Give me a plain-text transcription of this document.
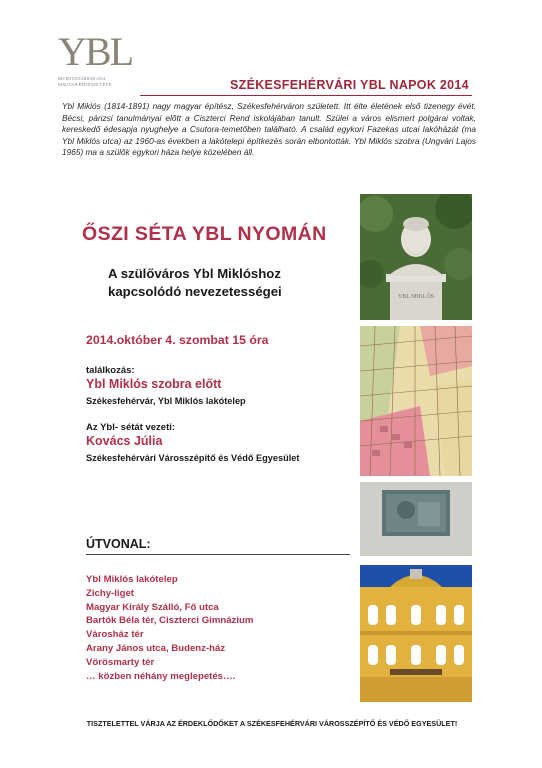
YBL
BICENTENÁRIUM 2014
MAGYAR ÉPÍTÉSZET ÉVE	SZÉKESFEHÉRVÁRI YBL NAPOK 2014
Ybl Miklós (1814-1891) nagy magyar építész, Székesfehérváron született. Itt élte életének első tizenegy évét. Bécsi, párizsi tanulmányai előtt a Ciszterci Rend iskolájában tanult. Szülei a város elismert polgárai voltak, kereskedő édesapja nyughelye a Csutora-temetőben található. A család egykori Fazekas utcai lakóházát (ma Ybl Miklós utca) az 1960-as években a lakótelepi építkezés során elbontották. Ybl Miklós szobra (Ungvári Lajos 1965) ma a szülők egykori háza helye közelében áll.
ŐSZI SÉTA YBL NYOMÁN
A szülőváros Ybl Miklóshoz
kapcsolódó nevezetességei
2014.október 4. szombat 15 óra
találkozás:
Ybl Miklós szobra előtt
Székesfehérvár, Ybl Miklós lakótelep
Az Ybl- sétát vezeti:
Kovács Júlia
Székesfehérvári Városszépítő és Védő Egyesület
ÚTVONAL:
Ybl Miklós lakótelep
Zichy-liget
Magyar Király Szálló, Fő utca
Bartók Béla tér, Ciszterci Gimnázium
Városház tér
Arany János utca, Budenz-ház
Vörösmarty tér
… közben néhány meglepetés….
TISZTELETTEL VÁRJA AZ ÉRDEKLŐDŐKET A SZÉKESFEHÉRVÁRI VÁROSSZÉPÍTŐ ÉS VÉDŐ EGYESÜLET!
YBL MIKLÓS
